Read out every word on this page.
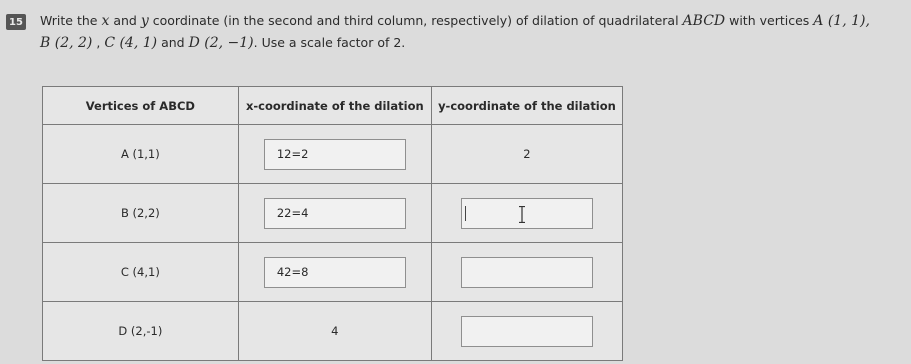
15 Write the x and y coordinate (in the second and third column, respectively) of dilation of quadrilateral ABCD with vertices A (1, 1),
B (2, 2) , C (4, 1) and D (2, −1). Use a scale factor of 2.
Vertices of ABCD	x-coordinate of the dilation	y-coordinate of the dilation
A (1,1)	12=2	2
B (2,2)	22=4	

C (4,1)	42=8	
D (2,-1)	4	
